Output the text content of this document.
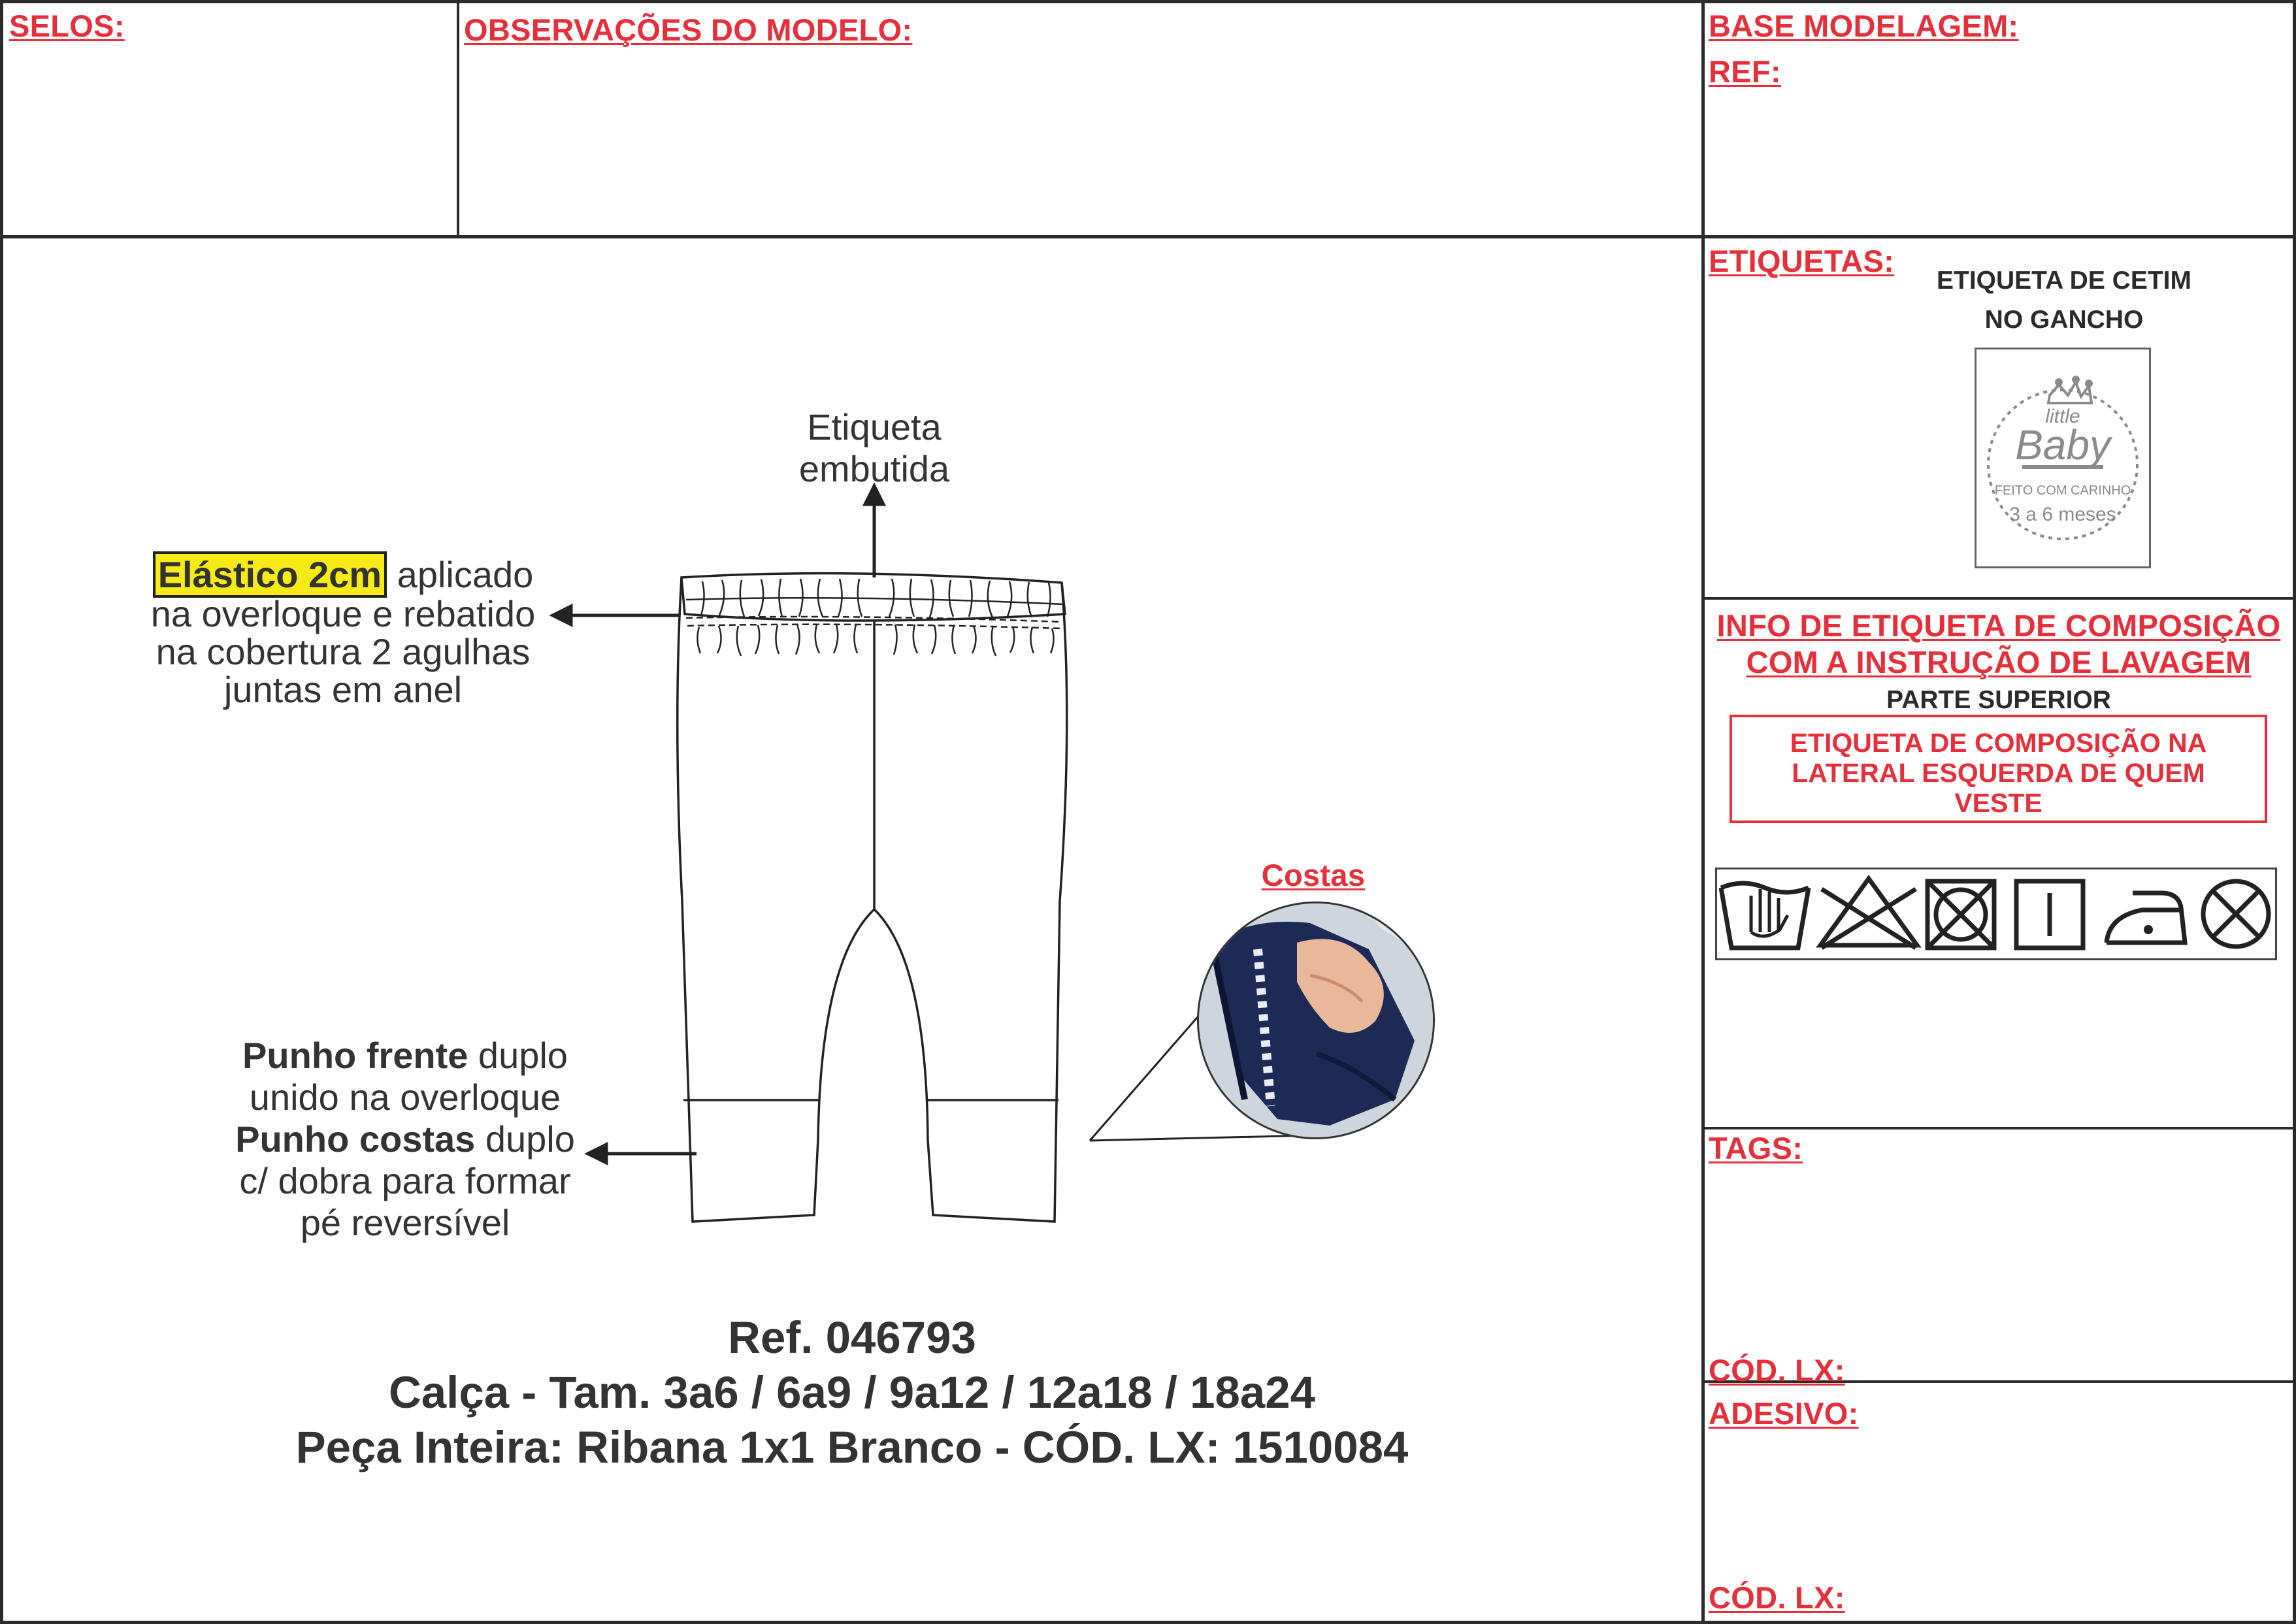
SELOS:	OBSERVAÇÕES DO MODELO:	BASE MODELAGEM:
REF:
ETIQUETAS:
ETIQUETA DE CETIM
NO GANCHO
little
Baby
FEITO COM CARINHO
3 a 6 meses
INFO DE ETIQUETA DE COMPOSIÇÃO
COM A INSTRUÇÃO DE LAVAGEM
PARTE SUPERIOR
ETIQUETA DE COMPOSIÇÃO NA
LATERAL ESQUERDA DE QUEM
VESTE
TAGS:
CÓD. LX:
ADESIVO:
CÓD. LX:
Etiqueta
embutida
Elástico 2cm aplicado
na overloque e rebatido
na cobertura 2 agulhas
juntas em anel
Punho frente duplo
unido na overloque
Punho costas duplo
c/ dobra para formar
pé reversível
Costas
Ref. 046793
Calça - Tam. 3a6 / 6a9 / 9a12 / 12a18 / 18a24
Peça Inteira: Ribana 1x1 Branco - CÓD. LX: 1510084
